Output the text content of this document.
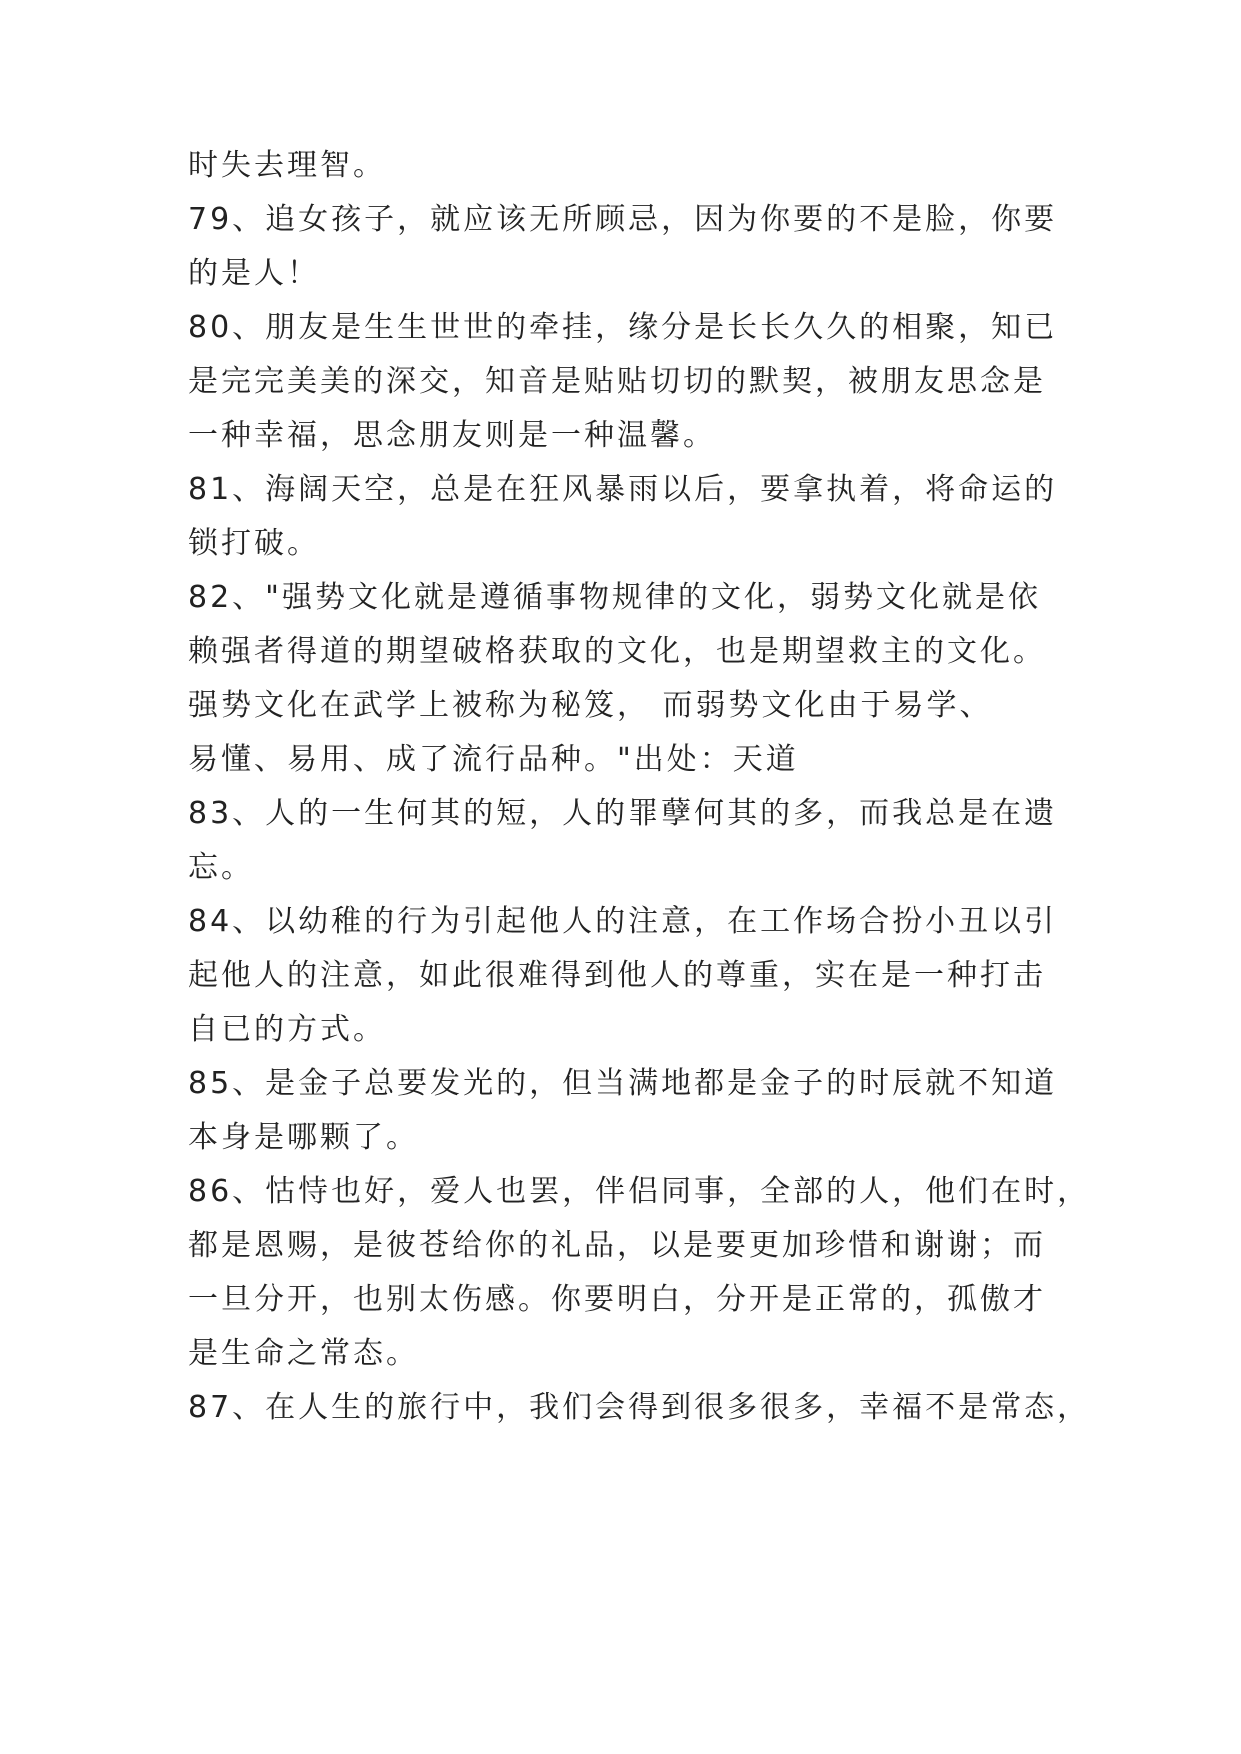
时失去理智。
79、追女孩子，就应该无所顾忌，因为你要的不是脸，你要
的是人！
80、朋友是生生世世的牵挂，缘分是长长久久的相聚，知已
是完完美美的深交，知音是贴贴切切的默契，被朋友思念是
一种幸福，思念朋友则是一种温馨。
81、海阔天空，总是在狂风暴雨以后，要拿执着，将命运的
锁打破。
82、"强势文化就是遵循事物规律的文化，弱势文化就是依
赖强者得道的期望破格获取的文化，也是期望救主的文化。
强势文化在武学上被称为秘笈， 而弱势文化由于易学、
易懂、易用、成了流行品种。"出处：天道
83、人的一生何其的短，人的罪孽何其的多，而我总是在遗
忘。
84、以幼稚的行为引起他人的注意，在工作场合扮小丑以引
起他人的注意，如此很难得到他人的尊重，实在是一种打击
自已的方式。
85、是金子总要发光的，但当满地都是金子的时辰就不知道
本身是哪颗了。
86、怙恃也好，爱人也罢，伴侣同事，全部的人，他们在时，
都是恩赐，是彼苍给你的礼品，以是要更加珍惜和谢谢；而
一旦分开，也别太伤感。你要明白，分开是正常的，孤傲才
是生命之常态。
87、在人生的旅行中，我们会得到很多很多，幸福不是常态，
